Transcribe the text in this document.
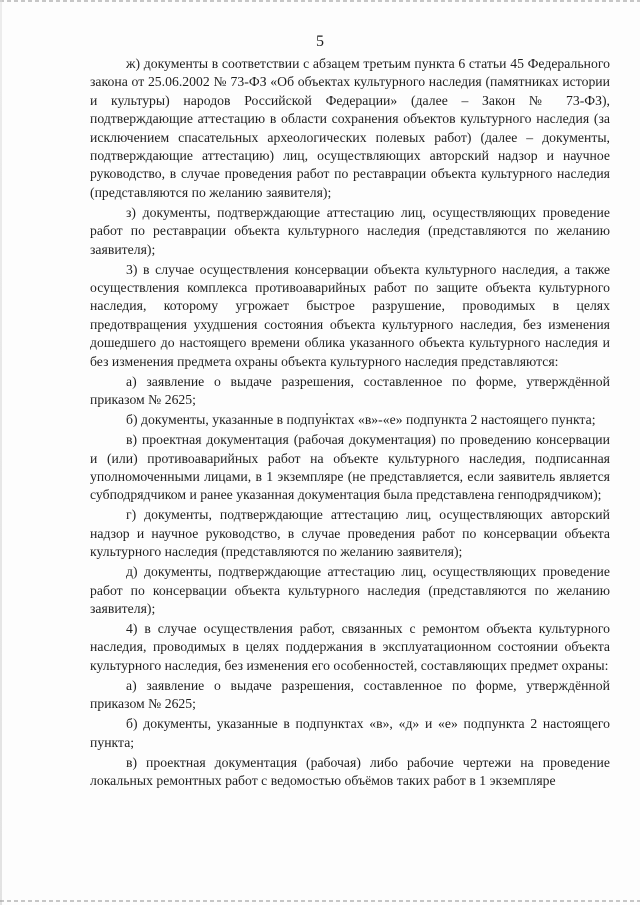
5

ж) документы в соответствии с абзацем третьим пункта 6 статьи 45 Федерального закона от 25.06.2002 № 73-ФЗ «Об объектах культурного наследия (памятниках истории и культуры) народов Российской Федерации» (далее – Закон № 73-ФЗ), подтверждающие аттестацию в области сохранения объектов культурного наследия (за исключением спасательных археологических полевых работ) (далее – документы, подтверждающие аттестацию) лиц, осуществляющих авторский надзор и научное руководство, в случае проведения работ по реставрации объекта культурного наследия (представляются по желанию заявителя);

з) документы, подтверждающие аттестацию лиц, осуществляющих проведение работ по реставрации объекта культурного наследия (представляются по желанию заявителя);

3) в случае осуществления консервации объекта культурного наследия, а также осуществления комплекса противоаварийных работ по защите объекта культурного наследия, которому угрожает быстрое разрушение, проводимых в целях предотвращения ухудшения состояния объекта культурного наследия, без изменения дошедшего до настоящего времени облика указанного объекта культурного наследия и без изменения предмета охраны объекта культурного наследия представляются:

а) заявление о выдаче разрешения, составленное по форме, утверждённой приказом № 2625;

б) документы, указанные в подпунктах «в»-«е» подпункта 2 настоящего пункта;

в) проектная документация (рабочая документация) по проведению консервации и (или) противоаварийных работ на объекте культурного наследия, подписанная уполномоченными лицами, в 1 экземпляре (не представляется, если заявитель является субподрядчиком и ранее указанная документация была представлена генподрядчиком);

г) документы, подтверждающие аттестацию лиц, осуществляющих авторский надзор и научное руководство, в случае проведения работ по консервации объекта культурного наследия (представляются по желанию заявителя);

д) документы, подтверждающие аттестацию лиц, осуществляющих проведение работ по консервации объекта культурного наследия (представляются по желанию заявителя);

4) в случае осуществления работ, связанных с ремонтом объекта культурного наследия, проводимых в целях поддержания в эксплуатационном состоянии объекта культурного наследия, без изменения его особенностей, составляющих предмет охраны:

а) заявление о выдаче разрешения, составленное по форме, утверждённой приказом № 2625;

б) документы, указанные в подпунктах «в», «д» и «е» подпункта 2 настоящего пункта;

в) проектная документация (рабочая) либо рабочие чертежи на проведение локальных ремонтных работ с ведомостью объёмов таких работ в 1 экземпляре
